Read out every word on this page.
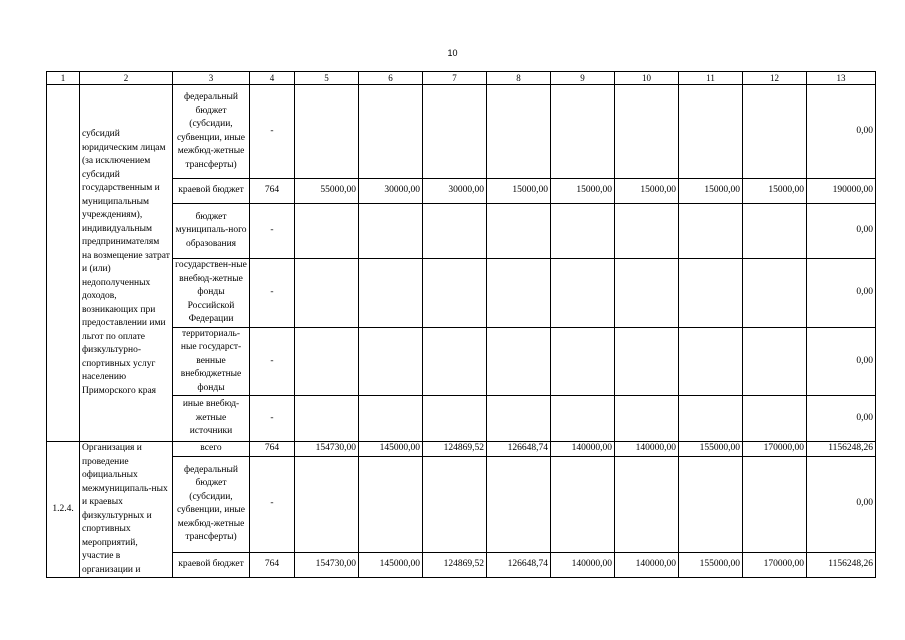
10
1	2	3	4	5	6	7	8	9	10	11	12	13
	субсидий юридическим лицам (за исключением субсидий государственным и муниципальным учреждениям), индивидуальным предпринимателям на возмещение затрат и (или) недополученных доходов, возникающих при предоставлении ими льгот по оплате физкультурно-спортивных услуг населению Приморского края	федеральный бюджет (субсидии, субвенции, иные межбюд-жетные трансферты)	-									0,00
		краевой бюджет	764	55000,00	30000,00	30000,00	15000,00	15000,00	15000,00	15000,00	15000,00	190000,00
		бюджет муниципаль-ного образования	-									0,00
		государствен-ные внебюд-жетные фонды Российской Федерации	-									0,00
		территориаль-ные государст-венные внебюджетные фонды	-									0,00
		иные внебюд-жетные источники	-									0,00
1.2.4.	Организация и проведение официальных межмуниципаль-ных и краевых физкультурных и спортивных мероприятий, участие в организации и	всего	764	154730,00	145000,00	124869,52	126648,74	140000,00	140000,00	155000,00	170000,00	1156248,26
		федеральный бюджет (субсидии, субвенции, иные межбюд-жетные трансферты)	-									0,00
		краевой бюджет	764	154730,00	145000,00	124869,52	126648,74	140000,00	140000,00	155000,00	170000,00	1156248,26
